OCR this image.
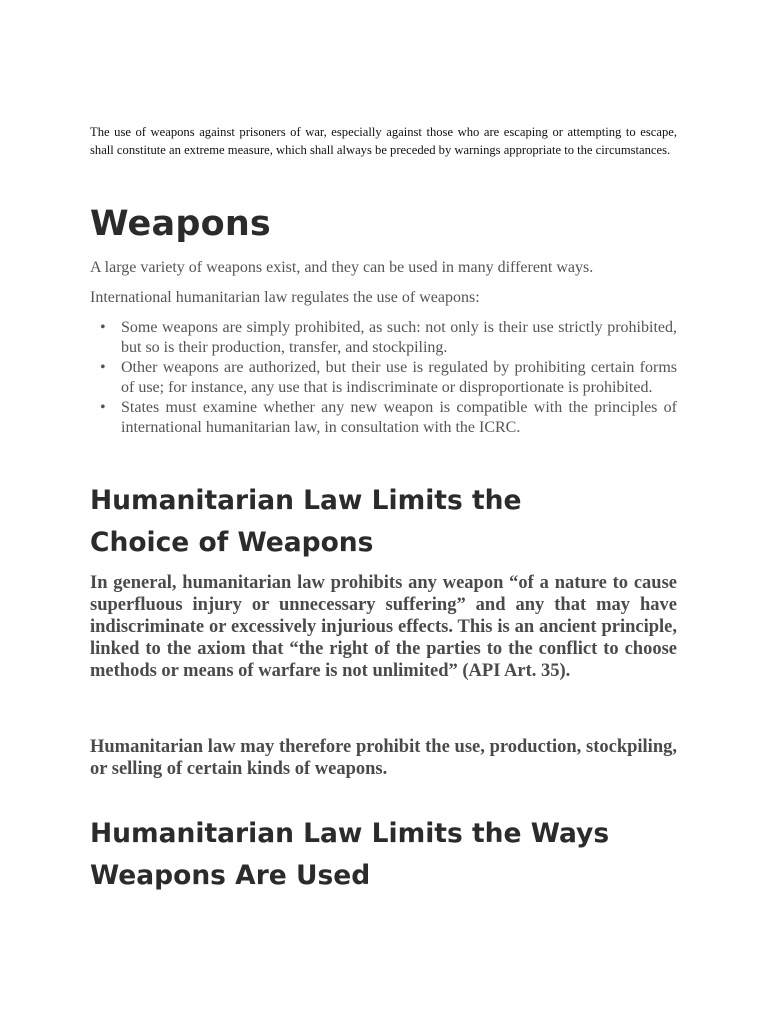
The use of weapons against prisoners of war, especially against those who are escaping or attempting to escape, shall constitute an extreme measure, which shall always be preceded by warnings appropriate to the circumstances.

Weapons

A large variety of weapons exist, and they can be used in many different ways.

International humanitarian law regulates the use of weapons:

• Some weapons are simply prohibited, as such: not only is their use strictly prohibited, but so is their production, transfer, and stockpiling.
• Other weapons are authorized, but their use is regulated by prohibiting certain forms of use; for instance, any use that is indiscriminate or disproportionate is prohibited.
• States must examine whether any new weapon is compatible with the principles of international humanitarian law, in consultation with the ICRC.
Humanitarian Law Limits the
Choice of Weapons

In general, humanitarian law prohibits any weapon “of a nature to cause superfluous injury or unnecessary suffering” and any that may have indiscriminate or excessively injurious effects. This is an ancient principle, linked to the axiom that “the right of the parties to the conflict to choose methods or means of warfare is not unlimited” (API Art. 35).

Humanitarian law may therefore prohibit the use, production, stockpiling, or selling of certain kinds of weapons.

Humanitarian Law Limits the Ways
Weapons Are Used
